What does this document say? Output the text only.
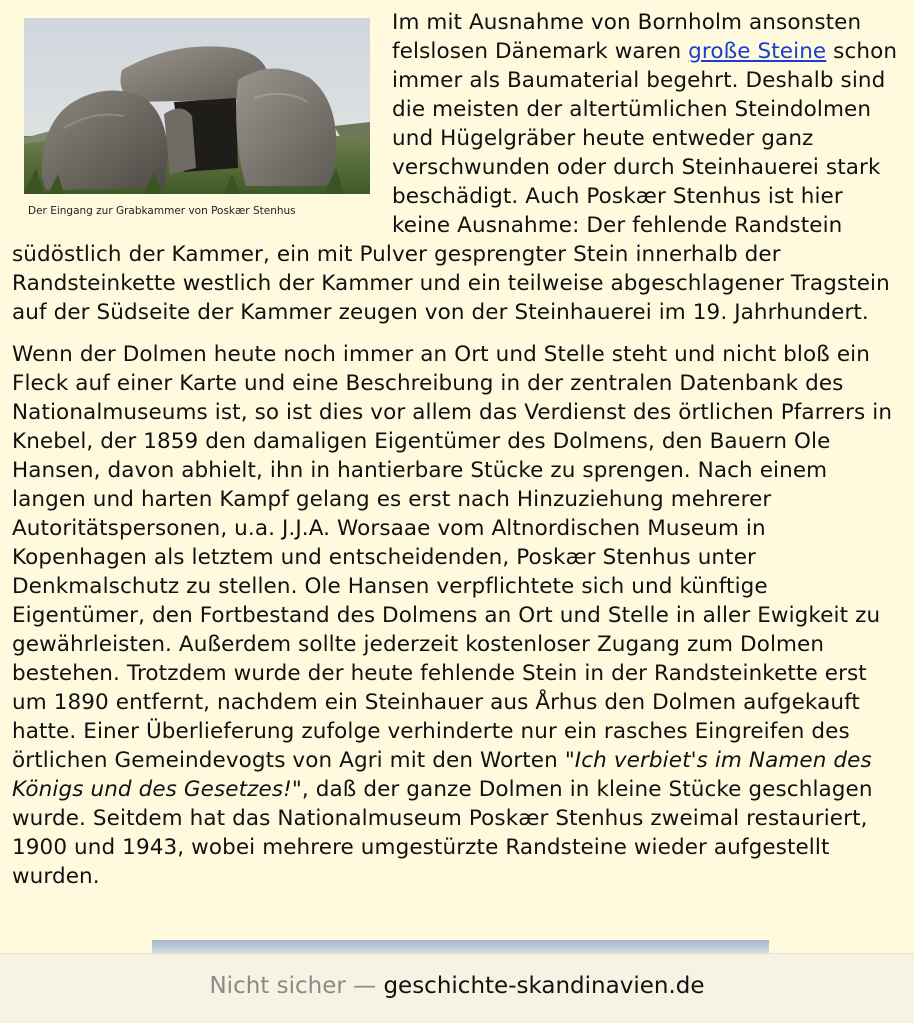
Der Eingang zur Grabkammer von Poskær Stenhus

Im mit Ausnahme von Bornholm ansonsten felslosen Dänemark waren große Steine schon immer als Baumaterial begehrt. Deshalb sind die meisten der altertümlichen Steindolmen und Hügelgräber heute entweder ganz verschwunden oder durch Steinhauerei stark beschädigt. Auch Poskær Stenhus ist hier keine Ausnahme: Der fehlende Randstein südöstlich der Kammer, ein mit Pulver gesprengter Stein innerhalb der Randsteinkette westlich der Kammer und ein teilweise abgeschlagener Tragstein auf der Südseite der Kammer zeugen von der Steinhauerei im 19. Jahrhundert.

Wenn der Dolmen heute noch immer an Ort und Stelle steht und nicht bloß ein Fleck auf einer Karte und eine Beschreibung in der zentralen Datenbank des Nationalmuseums ist, so ist dies vor allem das Verdienst des örtlichen Pfarrers in Knebel, der 1859 den damaligen Eigentümer des Dolmens, den Bauern Ole Hansen, davon abhielt, ihn in hantierbare Stücke zu sprengen. Nach einem langen und harten Kampf gelang es erst nach Hinzuziehung mehrerer Autoritätspersonen, u.a. J.J.A. Worsaae vom Altnordischen Museum in Kopenhagen als letztem und entscheidenden, Poskær Stenhus unter Denkmalschutz zu stellen. Ole Hansen verpflichtete sich und künftige Eigentümer, den Fortbestand des Dolmens an Ort und Stelle in aller Ewigkeit zu gewährleisten. Außerdem sollte jederzeit kostenloser Zugang zum Dolmen bestehen. Trotzdem wurde der heute fehlende Stein in der Randsteinkette erst um 1890 entfernt, nachdem ein Steinhauer aus Århus den Dolmen aufgekauft hatte. Einer Überlieferung zufolge verhinderte nur ein rasches Eingreifen des örtlichen Gemeindevogts von Agri mit den Worten "Ich verbiet's im Namen des Königs und des Gesetzes!", daß der ganze Dolmen in kleine Stücke geschlagen wurde. Seitdem hat das Nationalmuseum Poskær Stenhus zweimal restauriert, 1900 und 1943, wobei mehrere umgestürzte Randsteine wieder aufgestellt wurden.

Nicht sicher —
geschichte-skandinavien.de
